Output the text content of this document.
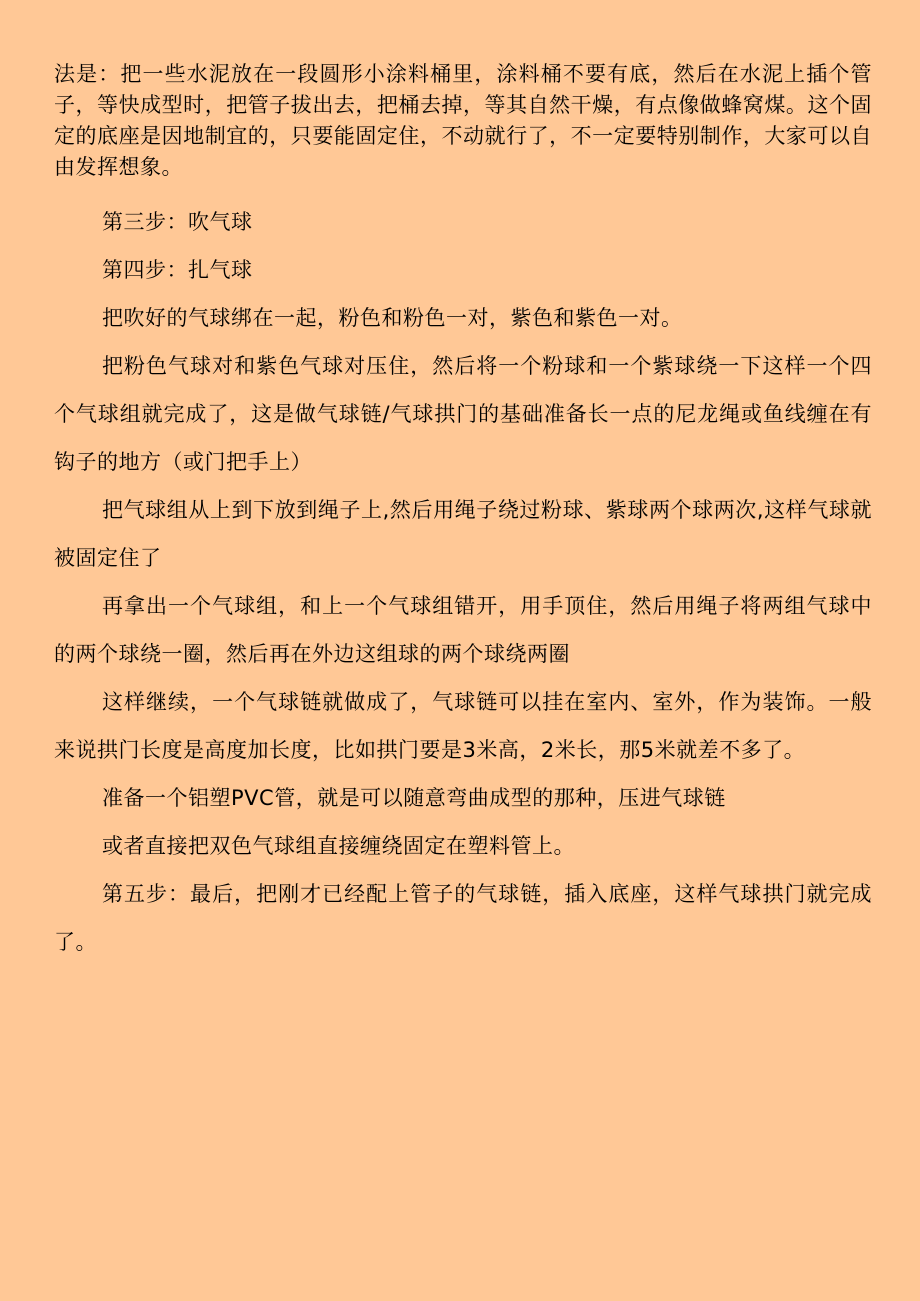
法是：把一些水泥放在一段圆形小涂料桶里，涂料桶不要有底，然后在水泥上插个管子，等快成型时，把管子拔出去，把桶去掉，等其自然干燥，有点像做蜂窝煤。这个固定的底座是因地制宜的，只要能固定住，不动就行了，不一定要特别制作，大家可以自由发挥想象。

第三步：吹气球

第四步：扎气球

把吹好的气球绑在一起，粉色和粉色一对，紫色和紫色一对。

把粉色气球对和紫色气球对压住，然后将一个粉球和一个紫球绕一下这样一个四个气球组就完成了，这是做气球链/气球拱门的基础准备长一点的尼龙绳或鱼线缠在有钩子的地方（或门把手上）

把气球组从上到下放到绳子上,然后用绳子绕过粉球、紫球两个球两次,这样气球就被固定住了

再拿出一个气球组，和上一个气球组错开，用手顶住，然后用绳子将两组气球中的两个球绕一圈，然后再在外边这组球的两个球绕两圈

这样继续，一个气球链就做成了，气球链可以挂在室内、室外，作为装饰。一般来说拱门长度是高度加长度，比如拱门要是3米高，2米长，那5米就差不多了。

准备一个铝塑PVC管，就是可以随意弯曲成型的那种，压进气球链

或者直接把双色气球组直接缠绕固定在塑料管上。

第五步：最后，把刚才已经配上管子的气球链，插入底座，这样气球拱门就完成了。
